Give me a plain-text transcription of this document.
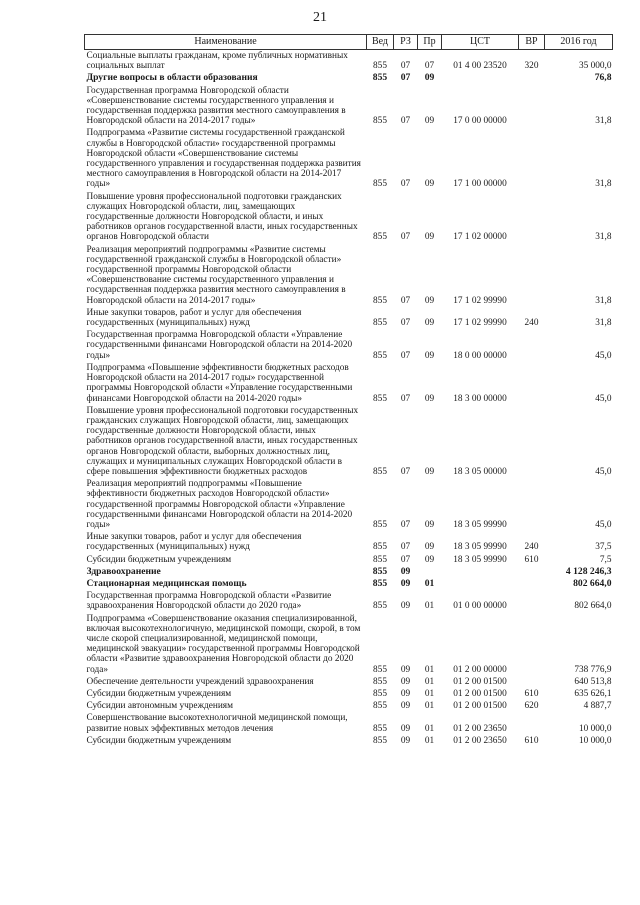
21
Наименование	Вед	РЗ	Пр	ЦСТ	ВР	2016 год
Социальные выплаты гражданам, кроме публичных нормативных социальных выплат	855	07	07	01 4 00 23520	320	35 000,0
Другие вопросы в области образования	855	07	09			76,8
Государственная программа Новгородской области «Совершенствование системы государственного управления и государственная поддержка развития местного самоуправления в Новгородской области на 2014-2017 годы»	855	07	09	17 0 00 00000		31,8
Подпрограмма «Развитие системы государственной гражданской службы в Новгородской области» государственной программы Новгородской области «Совершенствование системы государственного управления и государственная поддержка развития местного самоуправления в Новгородской области на 2014-2017 годы»	855	07	09	17 1 00 00000		31,8
Повышение уровня профессиональной подготовки гражданских служащих Новгородской области, лиц, замещающих государственные должности Новгородской области, и иных работников органов государственной власти, иных государственных органов Новгородской области	855	07	09	17 1 02 00000		31,8
Реализация мероприятий подпрограммы «Развитие системы государственной гражданской службы в Новгородской области» государственной программы Новгородской области «Совершенствование системы государственного управления и государственная поддержка развития местного самоуправления в Новгородской области на 2014-2017 годы»	855	07	09	17 1 02 99990		31,8
Иные закупки товаров, работ и услуг для обеспечения государственных (муниципальных) нужд	855	07	09	17 1 02 99990	240	31,8
Государственная программа Новгородской области «Управление государственными финансами Новгородской области на 2014-2020 годы»	855	07	09	18 0 00 00000		45,0
Подпрограмма «Повышение эффективности бюджетных расходов Новгородской области на 2014-2017 годы» государственной программы Новгородской области «Управление государственными финансами Новгородской области на 2014-2020 годы»	855	07	09	18 3 00 00000		45,0
Повышение уровня профессиональной подготовки государственных гражданских служащих Новгородской области, лиц, замещающих государственные должности Новгородской области, иных работников органов государственной власти, иных государственных органов Новгородской области, выборных должностных лиц, служащих и муниципальных служащих Новгородской области в сфере повышения эффективности бюджетных расходов	855	07	09	18 3 05 00000		45,0
Реализация мероприятий подпрограммы «Повышение эффективности бюджетных расходов Новгородской области» государственной программы Новгородской области «Управление государственными финансами Новгородской области на 2014-2020 годы»	855	07	09	18 3 05 99990		45,0
Иные закупки товаров, работ и услуг для обеспечения государственных (муниципальных) нужд	855	07	09	18 3 05 99990	240	37,5
Субсидии бюджетным учреждениям	855	07	09	18 3 05 99990	610	7,5
Здравоохранение	855	09				4 128 246,3
Стационарная медицинская помощь	855	09	01			802 664,0
Государственная программа Новгородской области «Развитие здравоохранения Новгородской области до 2020 года»	855	09	01	01 0 00 00000		802 664,0
Подпрограмма «Совершенствование оказания специализированной, включая высокотехнологичную, медицинской помощи, скорой, в том числе скорой специализированной, медицинской помощи, медицинской эвакуации» государственной программы Новгородской области «Развитие здравоохранения Новгородской области до 2020 года»	855	09	01	01 2 00 00000		738 776,9
Обеспечение деятельности учреждений здравоохранения	855	09	01	01 2 00 01500		640 513,8
Субсидии бюджетным учреждениям	855	09	01	01 2 00 01500	610	635 626,1
Субсидии автономным учреждениям	855	09	01	01 2 00 01500	620	4 887,7
Совершенствование высокотехнологичной медицинской помощи, развитие новых эффективных методов лечения	855	09	01	01 2 00 23650		10 000,0
Субсидии бюджетным учреждениям	855	09	01	01 2 00 23650	610	10 000,0
